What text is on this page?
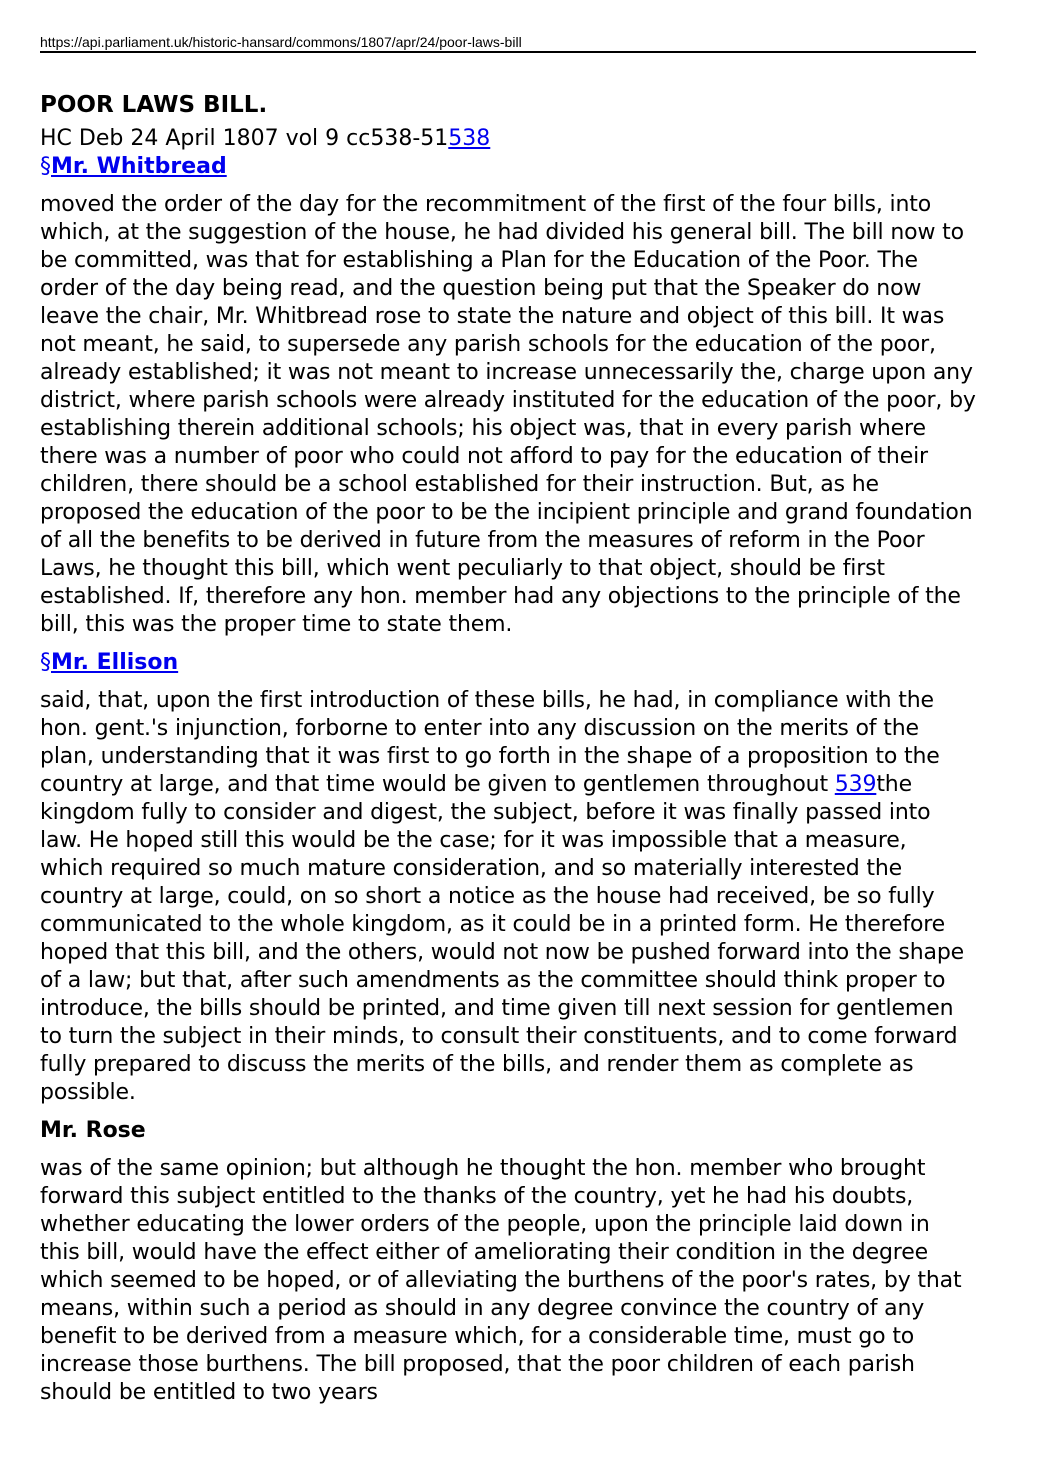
https://api.parliament.uk/historic-hansard/commons/1807/apr/24/poor-laws-bill
POOR LAWS BILL.
HC Deb 24 April 1807 vol 9 cc538-51538
§Mr. Whitbread
moved the order of the day for the recommitment of the first of the four bills, into which, at the suggestion of the house, he had divided his general bill. The bill now to be committed, was that for establishing a Plan for the Education of the Poor. The order of the day being read, and the question being put that the Speaker do now leave the chair, Mr. Whitbread rose to state the nature and object of this bill. It was not meant, he said, to supersede any parish schools for the education of the poor, already established; it was not meant to increase unnecessarily the, charge upon any district, where parish schools were already instituted for the education of the poor, by establishing therein additional schools; his object was, that in every parish where there was a number of poor who could not afford to pay for the education of their children, there should be a school established for their instruction. But, as he proposed the education of the poor to be the incipient principle and grand foundation of all the benefits to be derived in future from the measures of reform in the Poor Laws, he thought this bill, which went peculiarly to that object, should be first established. If, therefore any hon. member had any objections to the principle of the bill, this was the proper time to state them.
§Mr. Ellison
said, that, upon the first introduction of these bills, he had, in compliance with the hon. gent.'s injunction, forborne to enter into any discussion on the merits of the plan, understanding that it was first to go forth in the shape of a proposition to the country at large, and that time would be given to gentlemen throughout 539the kingdom fully to consider and digest, the subject, before it was finally passed into law. He hoped still this would be the case; for it was impossible that a measure, which required so much mature consideration, and so materially interested the country at large, could, on so short a notice as the house had received, be so fully communicated to the whole kingdom, as it could be in a printed form. He therefore hoped that this bill, and the others, would not now be pushed forward into the shape of a law; but that, after such amendments as the committee should think proper to introduce, the bills should be printed, and time given till next session for gentlemen to turn the subject in their minds, to consult their constituents, and to come forward fully prepared to discuss the merits of the bills, and render them as complete as possible.
Mr. Rose
was of the same opinion; but although he thought the hon. member who brought forward this subject entitled to the thanks of the country, yet he had his doubts, whether educating the lower orders of the people, upon the principle laid down in this bill, would have the effect either of ameliorating their condition in the degree which seemed to be hoped, or of alleviating the burthens of the poor's rates, by that means, within such a period as should in any degree convince the country of any benefit to be derived from a measure which, for a considerable time, must go to increase those burthens. The bill proposed, that the poor children of each parish should be entitled to two years
